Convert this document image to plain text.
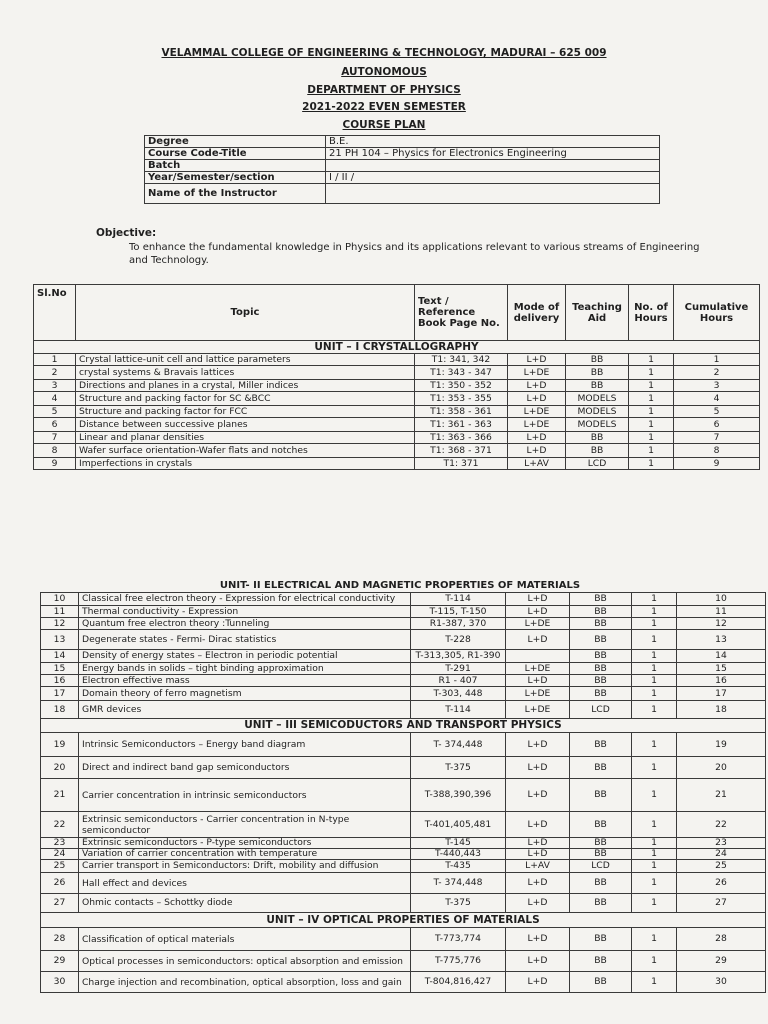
VELAMMAL COLLEGE OF ENGINEERING & TECHNOLOGY, MADURAI – 625 009
AUTONOMOUS
DEPARTMENT OF PHYSICS
2021-2022 EVEN SEMESTER
COURSE PLAN
Degree	B.E.
Course Code-Title	21 PH 104 – Physics for Electronics Engineering
Batch	
Year/Semester/section	I / II /
Name of the Instructor	
Objective:
To enhance the fundamental knowledge in Physics and its applications relevant to various streams of Engineering and Technology.
Sl.No	Topic	Text / Reference Book Page No.	Mode of delivery	Teaching Aid	No. of Hours	Cumulative Hours
UNIT – I CRYSTALLOGRAPHY						
1	Crystal lattice-unit cell and lattice parameters	T1: 341, 342	L+D	BB	1	1
2	crystal systems & Bravais lattices	T1: 343 - 347	L+DE	BB	1	2
3	Directions and planes in a crystal, Miller indices	T1: 350 - 352	L+D	BB	1	3
4	Structure and packing factor for SC &BCC	T1: 353 - 355	L+D	MODELS	1	4
5	Structure and packing factor for FCC	T1: 358 - 361	L+DE	MODELS	1	5
6	Distance between successive planes	T1: 361 - 363	L+DE	MODELS	1	6
7	Linear and planar densities	T1: 363 - 366	L+D	BB	1	7
8	Wafer surface orientation-Wafer flats and notches	T1: 368 - 371	L+D	BB	1	8
9	Imperfections in crystals	T1: 371	L+AV	LCD	1	9
10	Classical free electron theory - Expression for electrical conductivity	T-114	L+D	BB	1	10
11	Thermal conductivity - Expression	T-115, T-150	L+D	BB	1	11
12	Quantum free electron theory :Tunneling	R1-387, 370	L+DE	BB	1	12
13	Degenerate states - Fermi- Dirac statistics	T-228	L+D	BB	1	13
14	Density of energy states – Electron in periodic potential	T-313,305, R1-390		BB	1	14
15	Energy bands in solids – tight binding approximation	T-291	L+DE	BB	1	15
16	Electron effective mass	R1 - 407	L+D	BB	1	16
17	Domain theory of ferro magnetism	T-303, 448	L+DE	BB	1	17
18	GMR devices	T-114	L+DE	LCD	1	18
UNIT – III SEMICODUCTORS AND TRANSPORT PHYSICS						
19	Intrinsic Semiconductors – Energy band diagram	T- 374,448	L+D	BB	1	19
20	Direct and indirect band gap semiconductors	T-375	L+D	BB	1	20
21	Carrier concentration in intrinsic semiconductors	T-388,390,396	L+D	BB	1	21
22	Extrinsic semiconductors - Carrier concentration in N-type semiconductor	T-401,405,481	L+D	BB	1	22
23	Extrinsic semiconductors - P-type semiconductors	T-145	L+D	BB	1	23
24	Variation of carrier concentration with temperature	T-440,443	L+D	BB	1	24
25	Carrier transport in Semiconductors: Drift, mobility and diffusion	T-435	L+AV	LCD	1	25
26	Hall effect and devices	T- 374,448	L+D	BB	1	26
27	Ohmic contacts – Schottky diode	T-375	L+D	BB	1	27
UNIT – IV OPTICAL PROPERTIES OF MATERIALS						
28	Classification of optical materials	T-773,774	L+D	BB	1	28
29	Optical processes in semiconductors: optical absorption and emission	T-775,776	L+D	BB	1	29
30	Charge injection and recombination, optical absorption, loss and gain	T-804,816,427	L+D	BB	1	30
UNIT- II ELECTRICAL AND MAGNETIC PROPERTIES OF MATERIALS
